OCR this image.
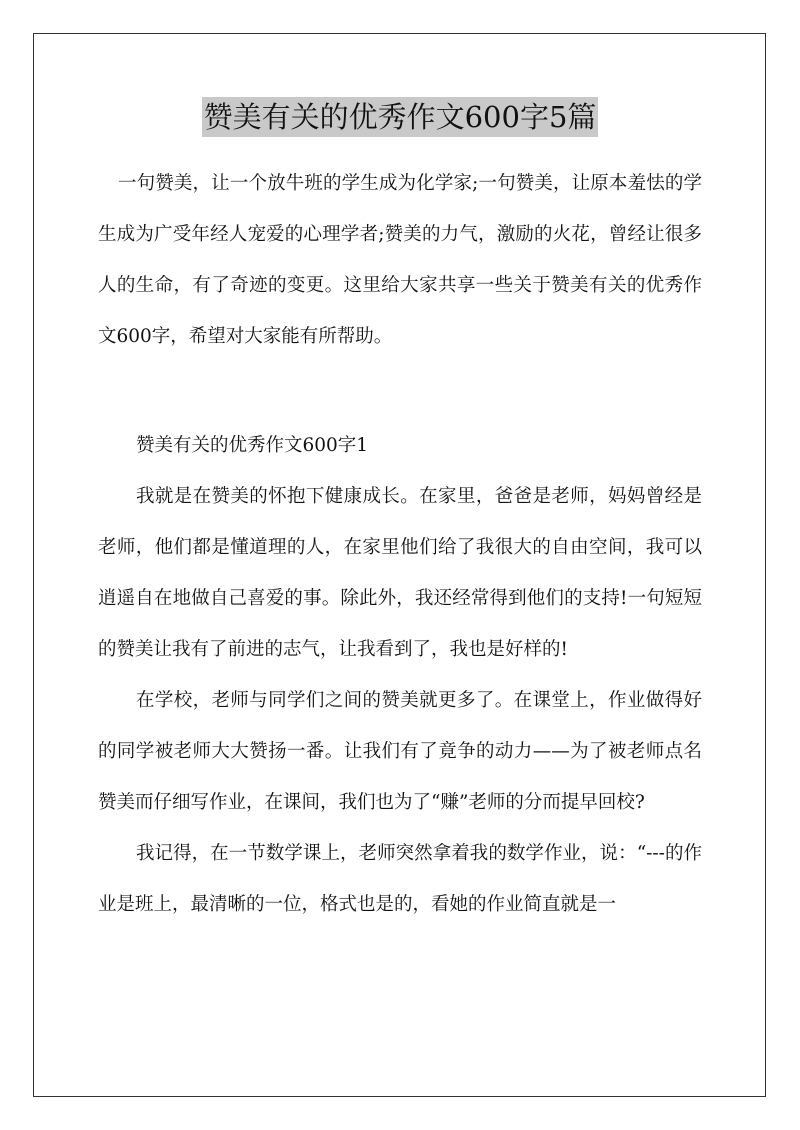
赞美有关的优秀作文600字5篇

一句赞美，让一个放牛班的学生成为化学家;一句赞美，让原本羞怯的学生成为广受年经人宠爱的心理学者;赞美的力气，激励的火花，曾经让很多人的生命，有了奇迹的变更。这里给大家共享一些关于赞美有关的优秀作文600字，希望对大家能有所帮助。

赞美有关的优秀作文600字1

我就是在赞美的怀抱下健康成长。在家里，爸爸是老师，妈妈曾经是老师，他们都是懂道理的人，在家里他们给了我很大的自由空间，我可以逍遥自在地做自己喜爱的事。除此外，我还经常得到他们的支持!一句短短的赞美让我有了前进的志气，让我看到了，我也是好样的!

在学校，老师与同学们之间的赞美就更多了。在课堂上，作业做得好的同学被老师大大赞扬一番。让我们有了竟争的动力——为了被老师点名赞美而仔细写作业，在课间，我们也为了“赚”老师的分而提早回校?

我记得，在一节数学课上，老师突然拿着我的数学作业，说：“---的作业是班上，最清晰的一位，格式也是的，看她的作业简直就是一
